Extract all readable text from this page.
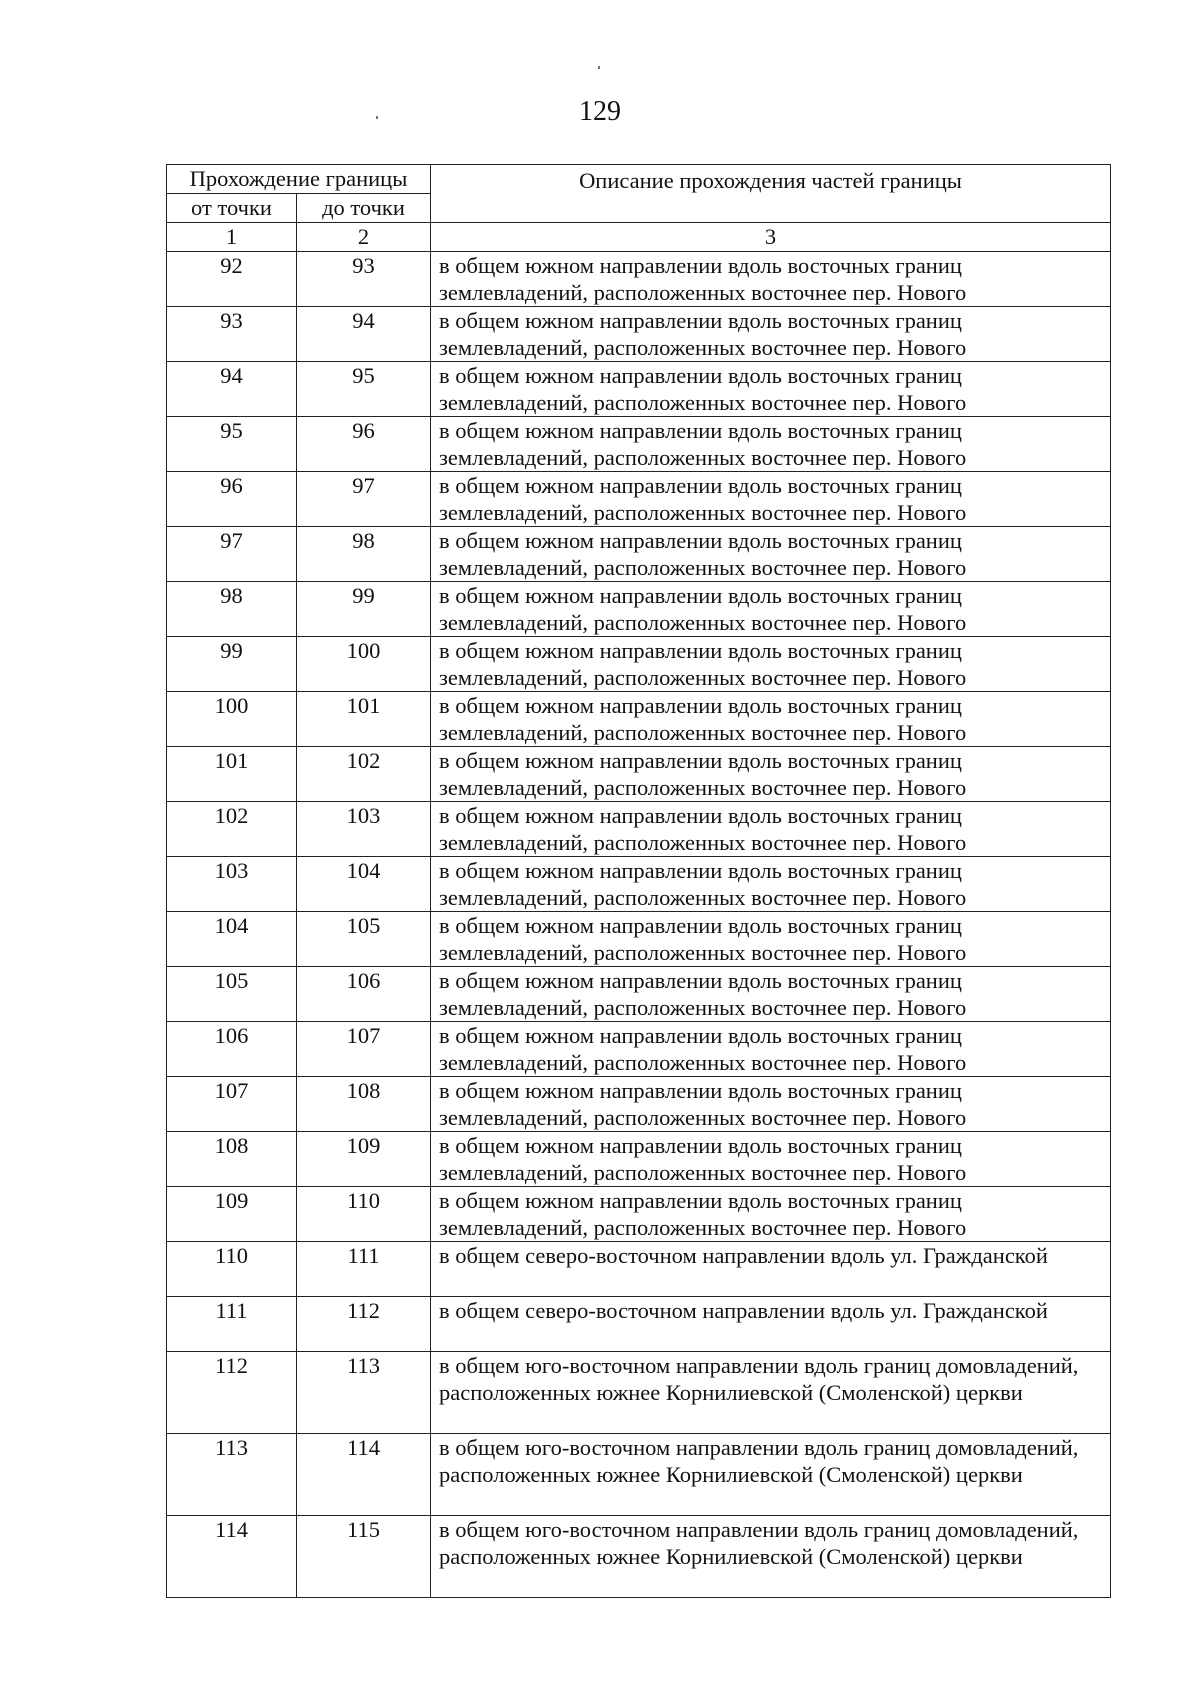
129
Прохождение границы		Описание прохождения частей границы
от точки	до точки	
1	2	3
92	93	в общем южном направлении вдоль восточных границ землевладений, расположенных восточнее пер. Нового
93	94	в общем южном направлении вдоль восточных границ землевладений, расположенных восточнее пер. Нового
94	95	в общем южном направлении вдоль восточных границ землевладений, расположенных восточнее пер. Нового
95	96	в общем южном направлении вдоль восточных границ землевладений, расположенных восточнее пер. Нового
96	97	в общем южном направлении вдоль восточных границ землевладений, расположенных восточнее пер. Нового
97	98	в общем южном направлении вдоль восточных границ землевладений, расположенных восточнее пер. Нового
98	99	в общем южном направлении вдоль восточных границ землевладений, расположенных восточнее пер. Нового
99	100	в общем южном направлении вдоль восточных границ землевладений, расположенных восточнее пер. Нового
100	101	в общем южном направлении вдоль восточных границ землевладений, расположенных восточнее пер. Нового
101	102	в общем южном направлении вдоль восточных границ землевладений, расположенных восточнее пер. Нового
102	103	в общем южном направлении вдоль восточных границ землевладений, расположенных восточнее пер. Нового
103	104	в общем южном направлении вдоль восточных границ землевладений, расположенных восточнее пер. Нового
104	105	в общем южном направлении вдоль восточных границ землевладений, расположенных восточнее пер. Нового
105	106	в общем южном направлении вдоль восточных границ землевладений, расположенных восточнее пер. Нового
106	107	в общем южном направлении вдоль восточных границ землевладений, расположенных восточнее пер. Нового
107	108	в общем южном направлении вдоль восточных границ землевладений, расположенных восточнее пер. Нового
108	109	в общем южном направлении вдоль восточных границ землевладений, расположенных восточнее пер. Нового
109	110	в общем южном направлении вдоль восточных границ землевладений, расположенных восточнее пер. Нового
110	111	в общем северо-восточном направлении вдоль ул. Гражданской
111	112	в общем северо-восточном направлении вдоль ул. Гражданской
112	113	в общем юго-восточном направлении вдоль границ домовладений, расположенных южнее Корнилиевской (Смоленской) церкви
113	114	в общем юго-восточном направлении вдоль границ домовладений, расположенных южнее Корнилиевской (Смоленской) церкви
114	115	в общем юго-восточном направлении вдоль границ домовладений, расположенных южнее Корнилиевской (Смоленской) церкви
